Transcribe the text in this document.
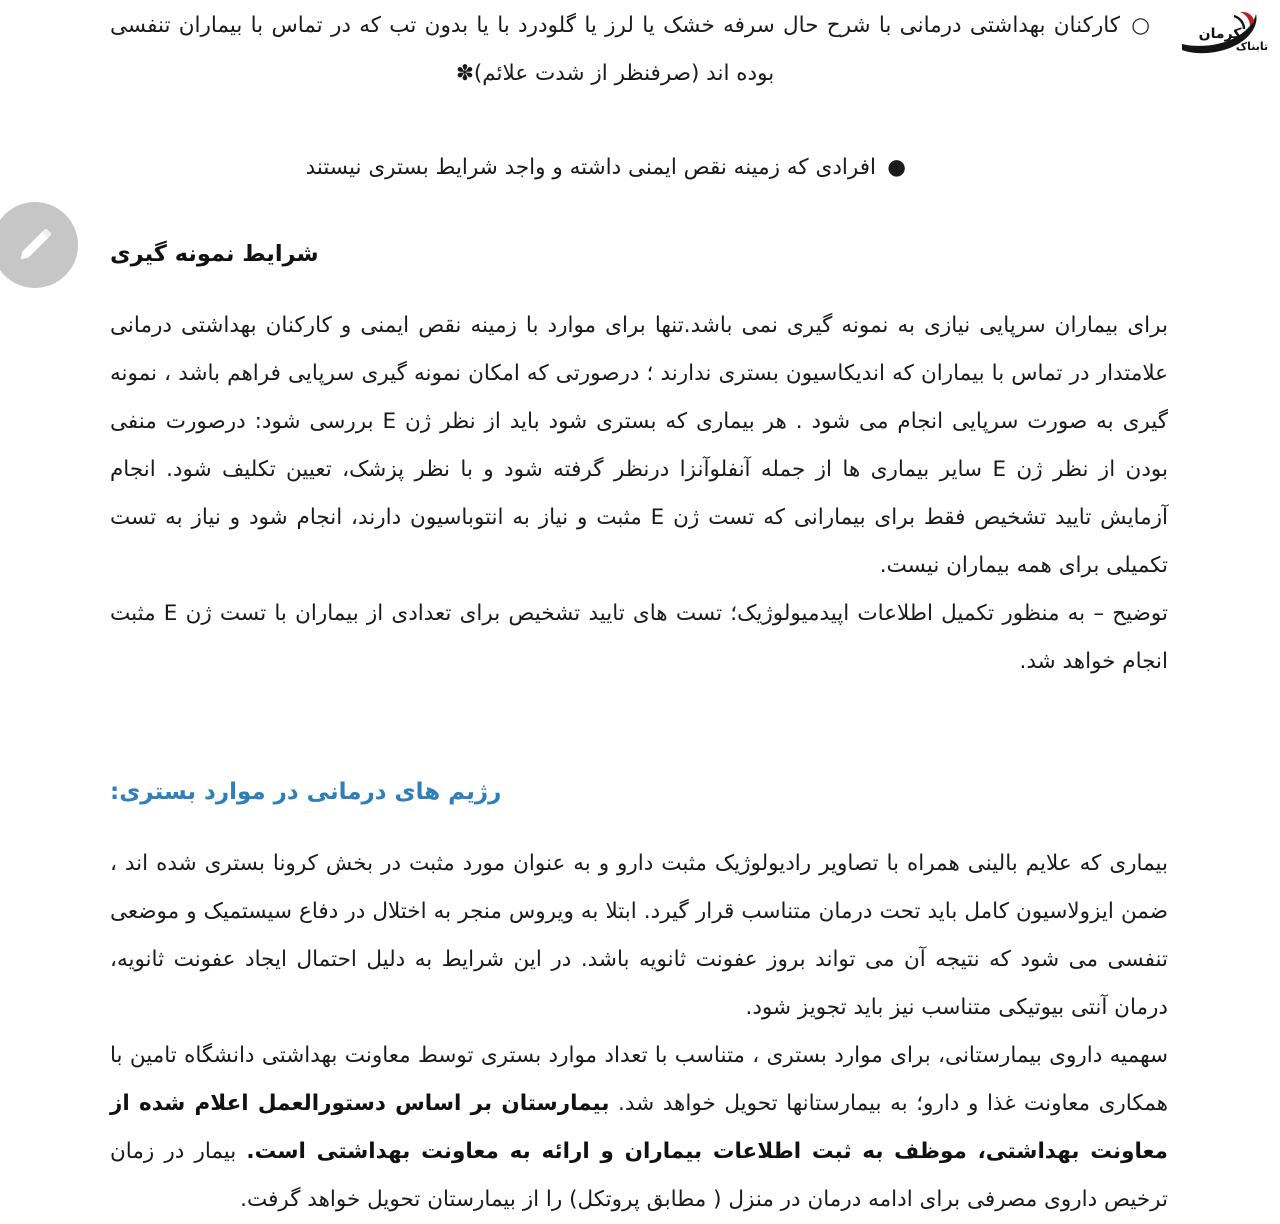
کرمان
تابناک
○
کارکنان بهداشتی درمانی با شرح حال سرفه خشک یا لرز یا گلودرد با یا بدون تب که در تماس با بیماران تنفسی بوده اند (صرفنظر از شدت علائم)✽
●
افرادی که زمینه نقص ایمنی داشته و واجد شرایط بستری نیستند
شرایط نمونه گیری

برای بیماران سرپایی نیازی به نمونه گیری نمی باشد.تنها برای موارد با زمینه نقص ایمنی و کارکنان بهداشتی درمانی علامتدار در تماس با بیماران که اندیکاسیون بستری ندارند ؛ درصورتی که امکان نمونه گیری سرپایی فراهم باشد ، نمونه گیری به صورت سرپایی انجام می شود . هر بیماری که بستری شود باید از نظر ژن E بررسی شود: درصورت منفی بودن از نظر ژن E سایر بیماری ها از جمله آنفلوآنزا درنظر گرفته شود و با نظر پزشک، تعیین تکلیف شود. انجام آزمایش تایید تشخیص فقط برای بیمارانی که تست ژن E مثبت و نیاز به انتوباسیون دارند، انجام شود و نیاز به تست تکمیلی برای همه بیماران نیست.

توضیح – به منظور تکمیل اطلاعات اپیدمیولوژیک؛ تست های تایید تشخیص برای تعدادی از بیماران با تست ژن E مثبت انجام خواهد شد.

رژیم های درمانی در موارد بستری:

بیماری که علایم بالینی همراه با تصاویر رادیولوژیک مثبت دارو و به عنوان مورد مثبت در بخش کرونا بستری شده اند ، ضمن ایزولاسیون کامل باید تحت درمان متناسب قرار گیرد. ابتلا به ویروس منجر به اختلال در دفاع سیستمیک و موضعی تنفسی می شود که نتیجه آن می تواند بروز عفونت ثانویه باشد. در این شرایط به دلیل احتمال ایجاد عفونت ثانویه، درمان آنتی بیوتیکی متناسب نیز باید تجویز شود.

سهمیه داروی بیمارستانی، برای موارد بستری ، متناسب با تعداد موارد بستری توسط معاونت بهداشتی دانشگاه تامین با همکاری معاونت غذا و دارو؛ به بیمارستانها تحویل خواهد شد. بیمارستان بر اساس دستورالعمل اعلام شده از معاونت بهداشتی، موظف به ثبت اطلاعات بیماران و ارائه به معاونت بهداشتی است. بیمار در زمان ترخیص داروی مصرفی برای ادامه درمان در منزل ( مطابق پروتکل) را از بیمارستان تحویل خواهد گرفت.
